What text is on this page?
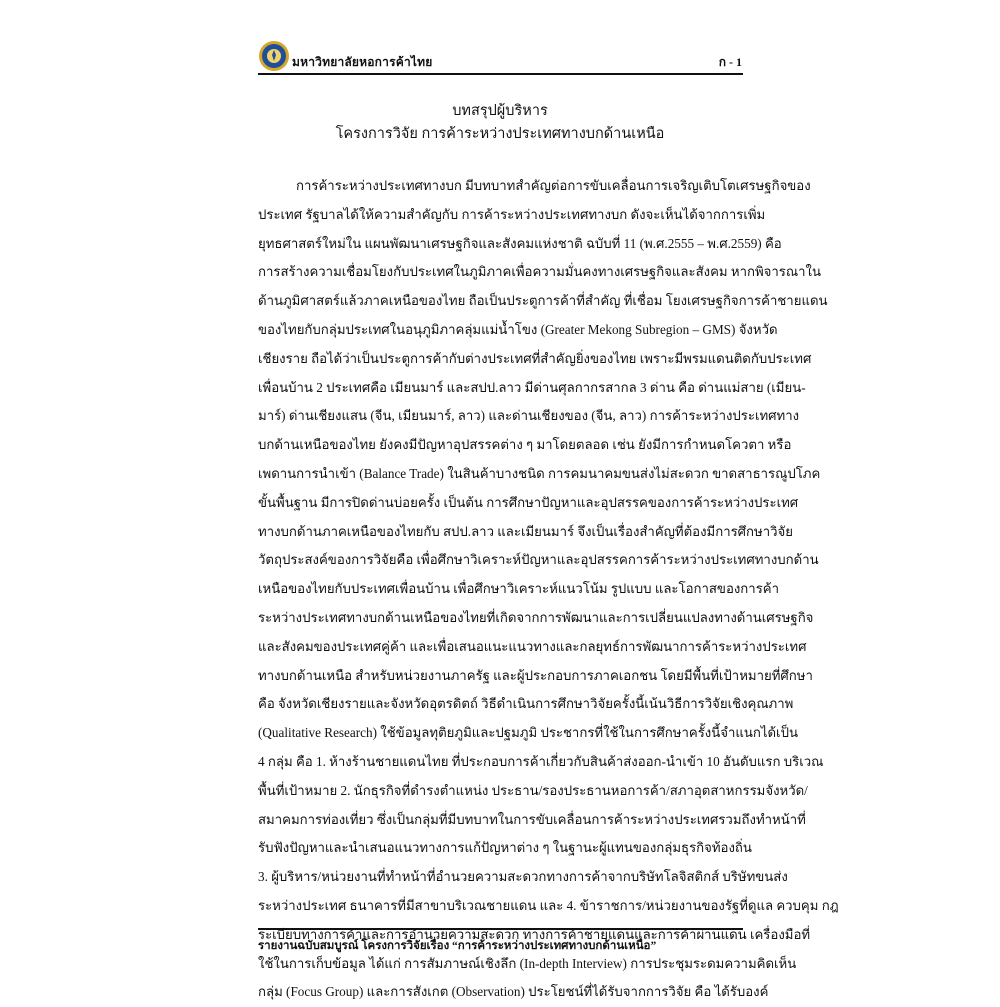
มหาวิทยาลัยหอการค้าไทย	ก - 1
บทสรุปผู้บริหาร
โครงการวิจัย การค้าระหว่างประเทศทางบกด้านเหนือ
การค้าระหว่างประเทศทางบก มีบทบาทสำคัญต่อการขับเคลื่อนการเจริญเติบโตเศรษฐกิจของ
ประเทศ รัฐบาลได้ให้ความสำคัญกับ การค้าระหว่างประเทศทางบก ดังจะเห็นได้จากการเพิ่ม
ยุทธศาสตร์ใหม่ใน แผนพัฒนาเศรษฐกิจและสังคมแห่งชาติ ฉบับที่ 11 (พ.ศ.2555 – พ.ศ.2559) คือ
การสร้างความเชื่อมโยงกับประเทศในภูมิภาคเพื่อความมั่นคงทางเศรษฐกิจและสังคม หากพิจารณาใน
ด้านภูมิศาสตร์แล้วภาคเหนือของไทย ถือเป็นประตูการค้าที่สำคัญ ที่เชื่อม โยงเศรษฐกิจการค้าชายแดน
ของไทยกับกลุ่มประเทศในอนุภูมิภาคลุ่มแม่น้ำโขง (Greater Mekong Subregion – GMS) จังหวัด
เชียงราย ถือได้ว่าเป็นประตูการค้ากับต่างประเทศที่สำคัญยิ่งของไทย เพราะมีพรมแดนติดกับประเทศ
เพื่อนบ้าน 2 ประเทศคือ เมียนมาร์ และสปป.ลาว มีด่านศุลกากรสากล 3 ด่าน คือ ด่านแม่สาย (เมียน-
มาร์) ด่านเชียงแสน (จีน, เมียนมาร์, ลาว) และด่านเชียงของ (จีน, ลาว) การค้าระหว่างประเทศทาง
บกด้านเหนือของไทย ยังคงมีปัญหาอุปสรรคต่าง ๆ มาโดยตลอด เช่น ยังมีการกำหนดโควตา หรือ
เพดานการนำเข้า (Balance Trade) ในสินค้าบางชนิด การคมนาคมขนส่งไม่สะดวก ขาดสาธารณูปโภค
ขั้นพื้นฐาน มีการปิดด่านบ่อยครั้ง เป็นต้น การศึกษาปัญหาและอุปสรรคของการค้าระหว่างประเทศ
ทางบกด้านภาคเหนือของไทยกับ สปป.ลาว และเมียนมาร์ จึงเป็นเรื่องสำคัญที่ต้องมีการศึกษาวิจัย
วัตถุประสงค์ของการวิจัยคือ เพื่อศึกษาวิเคราะห์ปัญหาและอุปสรรคการค้าระหว่างประเทศทางบกด้าน
เหนือของไทยกับประเทศเพื่อนบ้าน เพื่อศึกษาวิเคราะห์แนวโน้ม รูปแบบ และโอกาสของการค้า
ระหว่างประเทศทางบกด้านเหนือของไทยที่เกิดจากการพัฒนาและการเปลี่ยนแปลงทางด้านเศรษฐกิจ
และสังคมของประเทศคู่ค้า และเพื่อเสนอแนะแนวทางและกลยุทธ์การพัฒนาการค้าระหว่างประเทศ
ทางบกด้านเหนือ สำหรับหน่วยงานภาครัฐ และผู้ประกอบการภาคเอกชน โดยมีพื้นที่เป้าหมายที่ศึกษา
คือ จังหวัดเชียงรายและจังหวัดอุตรดิตถ์ วิธีดำเนินการศึกษาวิจัยครั้งนี้เน้นวิธีการวิจัยเชิงคุณภาพ
(Qualitative Research) ใช้ข้อมูลทุติยภูมิและปฐมภูมิ ประชากรที่ใช้ในการศึกษาครั้งนี้จำแนกได้เป็น
4 กลุ่ม คือ 1. ห้างร้านชายแดนไทย ที่ประกอบการค้าเกี่ยวกับสินค้าส่งออก-นำเข้า 10 อันดับแรก บริเวณ
พื้นที่เป้าหมาย 2. นักธุรกิจที่ดำรงตำแหน่ง ประธาน/รองประธานหอการค้า/สภาอุตสาหกรรมจังหวัด/
สมาคมการท่องเที่ยว ซึ่งเป็นกลุ่มที่มีบทบาทในการขับเคลื่อนการค้าระหว่างประเทศรวมถึงทำหน้าที่
รับฟังปัญหาและนำเสนอแนวทางการแก้ปัญหาต่าง ๆ ในฐานะผู้แทนของกลุ่มธุรกิจท้องถิ่น
3. ผู้บริหาร/หน่วยงานที่ทำหน้าที่อำนวยความสะดวกทางการค้าจากบริษัทโลจิสติกส์ บริษัทขนส่ง
ระหว่างประเทศ ธนาคารที่มีสาขาบริเวณชายแดน และ 4. ข้าราชการ/หน่วยงานของรัฐที่ดูแล ควบคุม กฎ
ระเบียบทางการค้าและการอำนวยความสะดวก ทางการค้าชายแดนและการค้าผ่านแดน เครื่องมือที่
ใช้ในการเก็บข้อมูล ได้แก่ การสัมภาษณ์เชิงลึก (In-depth Interview) การประชุมระดมความคิดเห็น
กลุ่ม (Focus Group) และการสังเกต (Observation) ประโยชน์ที่ได้รับจากการวิจัย คือ ได้รับองค์
รายงานฉบับสมบูรณ์ โครงการวิจัยเรื่อง “การค้าระหว่างประเทศทางบกด้านเหนือ”
